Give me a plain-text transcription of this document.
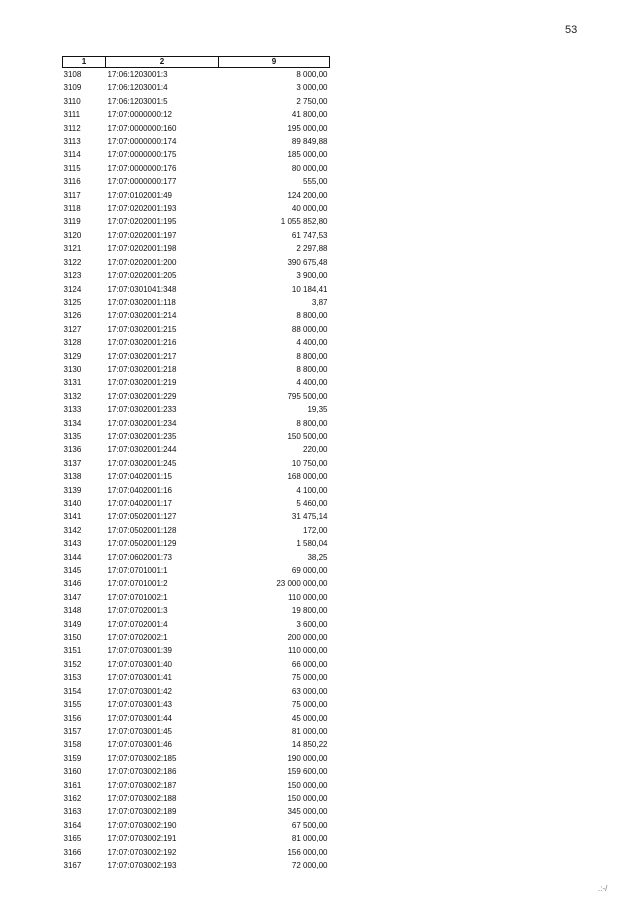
53
1	2	9
3108	17:06:1203001:3	8 000,00
3109	17:06:1203001:4	3 000,00
3110	17:06:1203001:5	2 750,00
3111	17:07:0000000:12	41 800,00
3112	17:07:0000000:160	195 000,00
3113	17:07:0000000:174	89 849,88
3114	17:07:0000000:175	185 000,00
3115	17:07:0000000:176	80 000,00
3116	17:07:0000000:177	555,00
3117	17:07:0102001:49	124 200,00
3118	17:07:0202001:193	40 000,00
3119	17:07:0202001:195	1 055 852,80
3120	17:07:0202001:197	61 747,53
3121	17:07:0202001:198	2 297,88
3122	17:07:0202001:200	390 675,48
3123	17:07:0202001:205	3 900,00
3124	17:07:0301041:348	10 184,41
3125	17:07:0302001:118	3,87
3126	17:07:0302001:214	8 800,00
3127	17:07:0302001:215	88 000,00
3128	17:07:0302001:216	4 400,00
3129	17:07:0302001:217	8 800,00
3130	17:07:0302001:218	8 800,00
3131	17:07:0302001:219	4 400,00
3132	17:07:0302001:229	795 500,00
3133	17:07:0302001:233	19,35
3134	17:07:0302001:234	8 800,00
3135	17:07:0302001:235	150 500,00
3136	17:07:0302001:244	220,00
3137	17:07:0302001:245	10 750,00
3138	17:07:0402001:15	168 000,00
3139	17:07:0402001:16	4 100,00
3140	17:07:0402001:17	5 460,00
3141	17:07:0502001:127	31 475,14
3142	17:07:0502001:128	172,00
3143	17:07:0502001:129	1 580,04
3144	17:07:0602001:73	38,25
3145	17:07:0701001:1	69 000,00
3146	17:07:0701001:2	23 000 000,00
3147	17:07:0701002:1	110 000,00
3148	17:07:0702001:3	19 800,00
3149	17:07:0702001:4	3 600,00
3150	17:07:0702002:1	200 000,00
3151	17:07:0703001:39	110 000,00
3152	17:07:0703001:40	66 000,00
3153	17:07:0703001:41	75 000,00
3154	17:07:0703001:42	63 000,00
3155	17:07:0703001:43	75 000,00
3156	17:07:0703001:44	45 000,00
3157	17:07:0703001:45	81 000,00
3158	17:07:0703001:46	14 850,22
3159	17:07:0703002:185	190 000,00
3160	17:07:0703002:186	159 600,00
3161	17:07:0703002:187	150 000,00
3162	17:07:0703002:188	150 000,00
3163	17:07:0703002:189	345 000,00
3164	17:07:0703002:190	67 500,00
3165	17:07:0703002:191	81 000,00
3166	17:07:0703002:192	156 000,00
3167	17:07:0703002:193	72 000,00
.:-/
